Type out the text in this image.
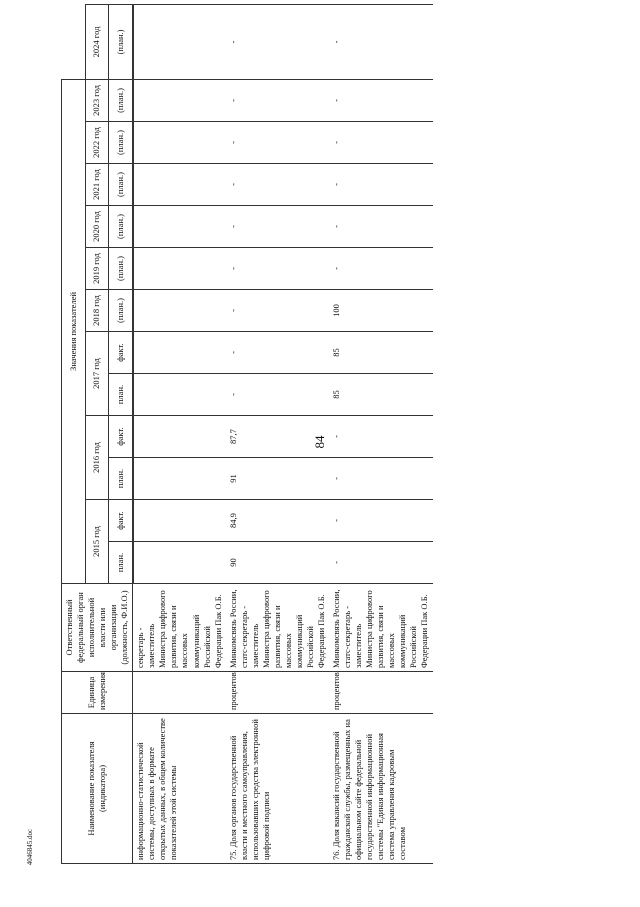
84
4046845.doc
Наименование показателя (индикатора)	Единица измерения	Ответственный федеральный орган исполнительной власти или организации (должность, Ф.И.О.)	Значения показателей												
			2015 год		2016 год		2017 год		2018 год	2019 год	2020 год	2021 год	2022 год	2023 год	2024 год
			план.	факт.	план.	факт.	план.	факт.	(план.)	(план.)	(план.)	(план.)	(план.)	(план.)	(план.)
информационно-статистической системы, доступных в формате открытых данных, в общем количестве показателей этой системы		секретарь - заместитель Министра цифрового развития, связи и массовых коммуникаций Российской Федерации Пак О.Б.													
75. Доля органов государственной власти и местного самоуправления, использовавших средства электронной цифровой подписи	процентов	Минкомсвязь России, статс-секретарь - заместитель Министра цифрового развития, связи и массовых коммуникаций Российской Федерации Пак О.Б.	90	84,9	91	87,7	-	-	-	-	-	-	-	-	-
76. Доля вакансий государственной гражданской службы, размещенных на официальном сайте федеральной государственной информационной системы "Единая информационная система управления кадровым составом	процентов	Минкомсвязь России, статс-секретарь - заместитель Министра цифрового развития, связи и массовых коммуникаций Российской Федерации Пак О.Б.	-	-	-	-	85	85	100	-	-	-	-	-	-
